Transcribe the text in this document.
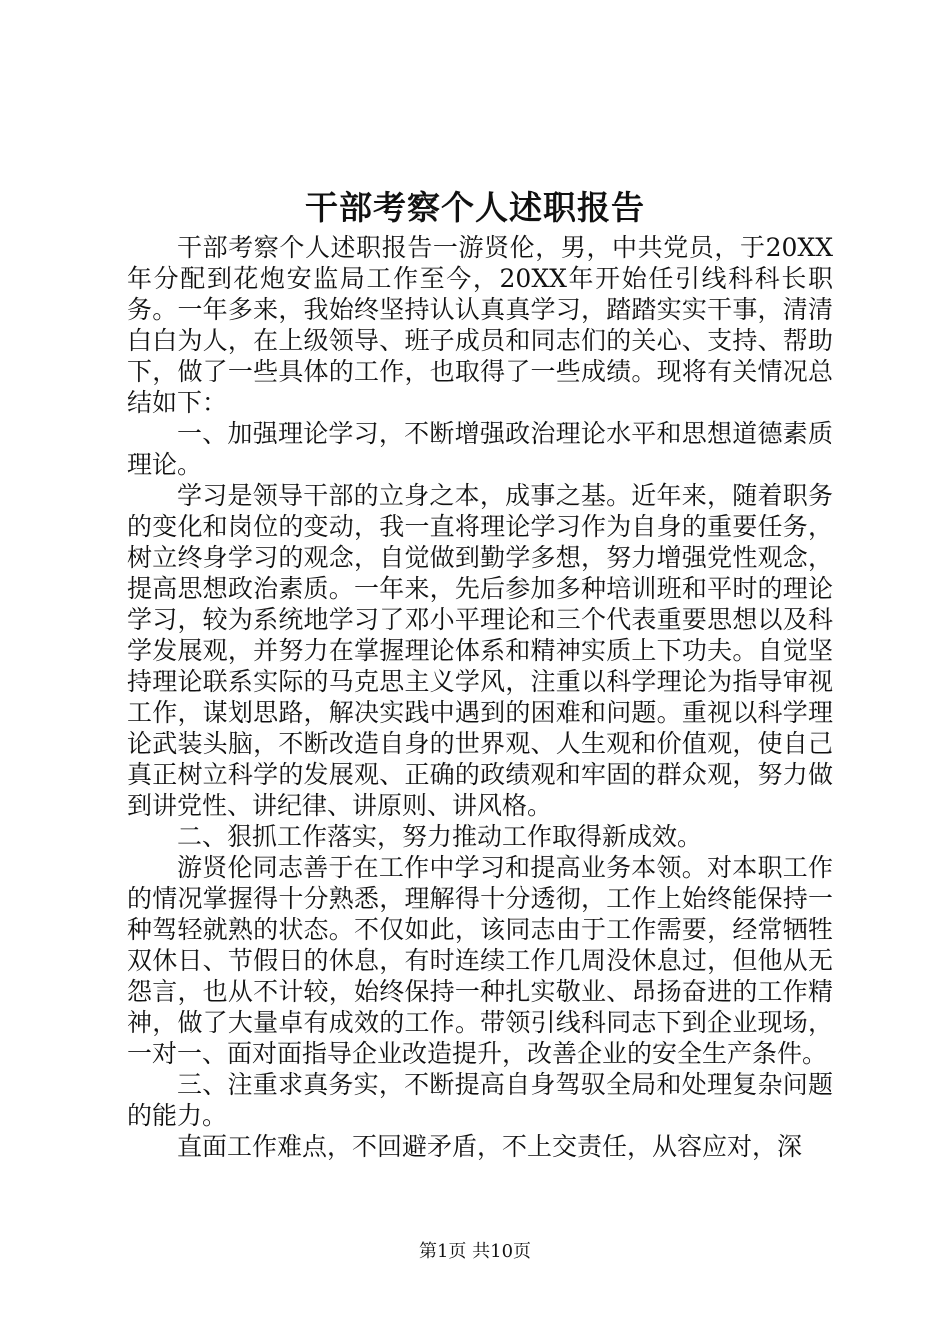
干部考察个人述职报告

干部考察个人述职报告一游贤伦，男，中共党员，于20XX年分配到花炮安监局工作至今，20XX年开始任引线科科长职务。一年多来，我始终坚持认认真真学习，踏踏实实干事，清清白白为人，在上级领导、班子成员和同志们的关心、支持、帮助下，做了一些具体的工作，也取得了一些成绩。现将有关情况总结如下：

一、加强理论学习，不断增强政治理论水平和思想道德素质理论。

学习是领导干部的立身之本，成事之基。近年来，随着职务的变化和岗位的变动，我一直将理论学习作为自身的重要任务，树立终身学习的观念，自觉做到勤学多想，努力增强党性观念，提高思想政治素质。一年来，先后参加多种培训班和平时的理论学习，较为系统地学习了邓小平理论和三个代表重要思想以及科学发展观，并努力在掌握理论体系和精神实质上下功夫。自觉坚持理论联系实际的马克思主义学风，注重以科学理论为指导审视工作，谋划思路，解决实践中遇到的困难和问题。重视以科学理论武装头脑，不断改造自身的世界观、人生观和价值观，使自己真正树立科学的发展观、正确的政绩观和牢固的群众观，努力做到讲党性、讲纪律、讲原则、讲风格。

二、狠抓工作落实，努力推动工作取得新成效。

游贤伦同志善于在工作中学习和提高业务本领。对本职工作的情况掌握得十分熟悉，理解得十分透彻，工作上始终能保持一种驾轻就熟的状态。不仅如此，该同志由于工作需要，经常牺牲双休日、节假日的休息，有时连续工作几周没休息过，但他从无怨言，也从不计较，始终保持一种扎实敬业、昂扬奋进的工作精神，做了大量卓有成效的工作。带领引线科同志下到企业现场，一对一、面对面指导企业改造提升，改善企业的安全生产条件。

三、注重求真务实，不断提高自身驾驭全局和处理复杂问题的能力。

直面工作难点，不回避矛盾，不上交责任，从容应对，深

第1页 共10页
